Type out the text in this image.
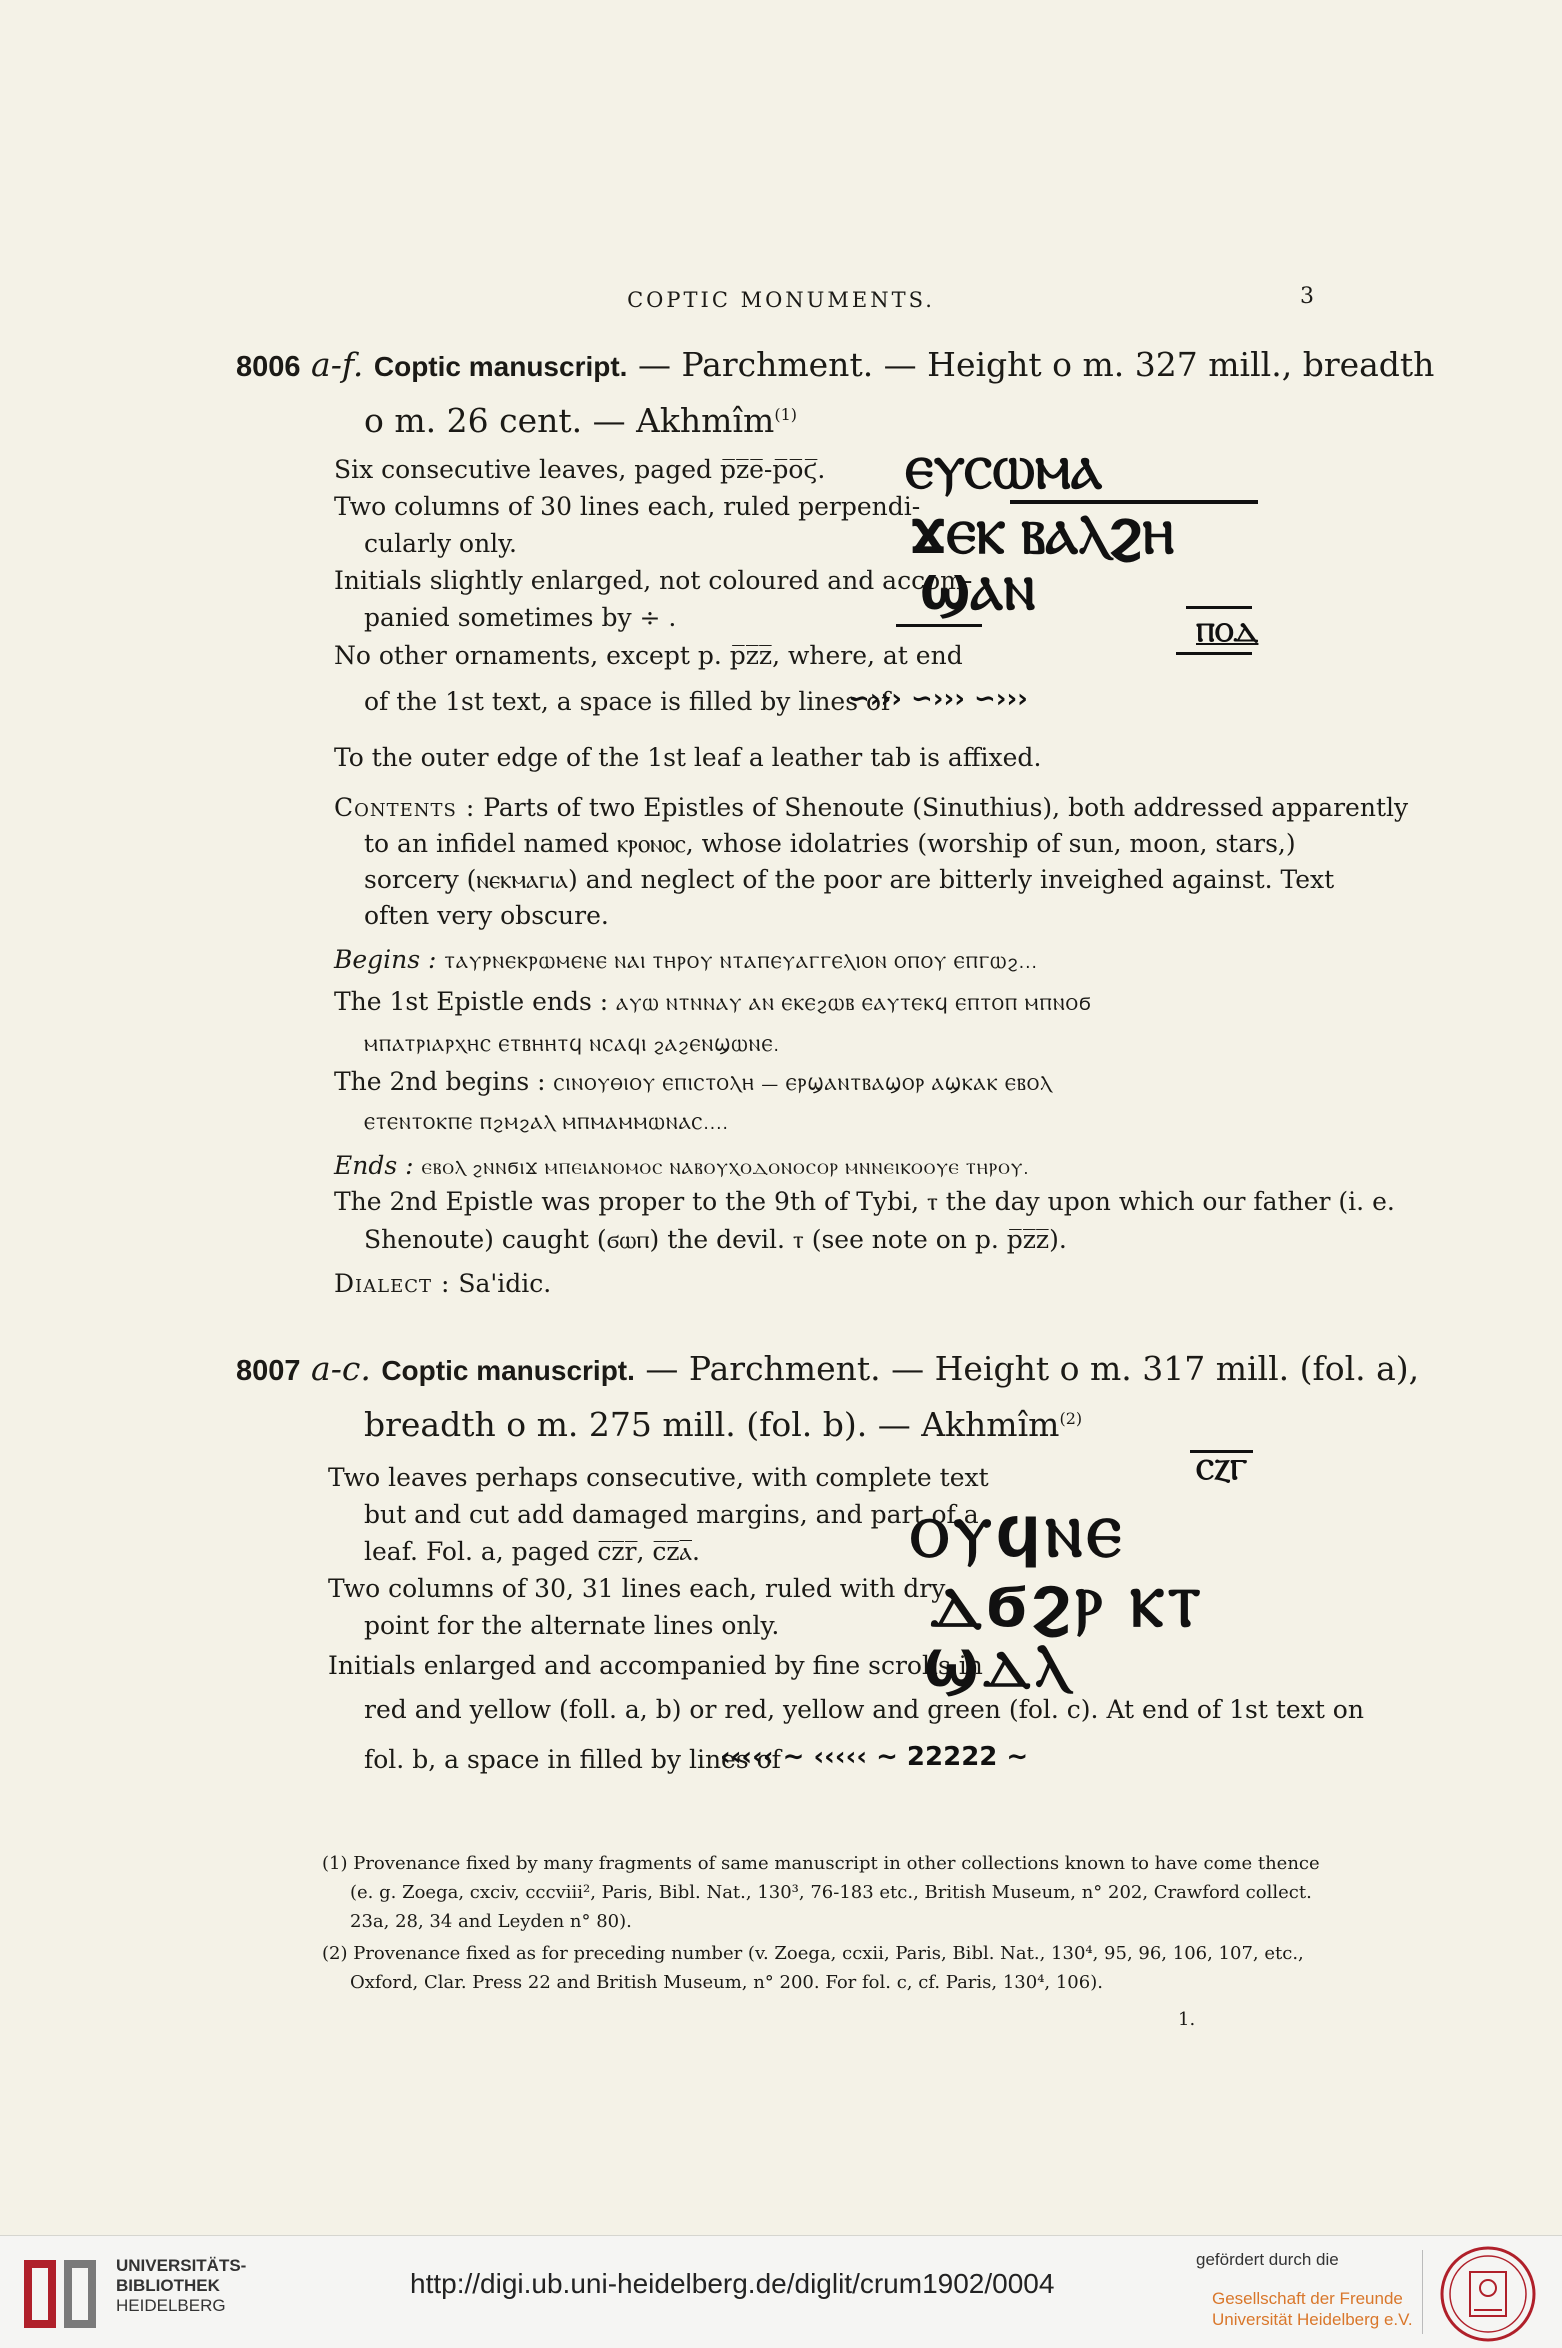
COPTIC MONUMENTS.	3
8006 a-f. Coptic manuscript. — Parchment. — Height o m. 327 mill., breadth
o m. 26 cent. — Akhmîm$^{(1)}$
Six consecutive leaves, paged p̅z̅e̅-p̅o̅ϛ̅.
Two columns of 30 lines each, ruled perpendi-
cularly only.
Initials slightly enlarged, not coloured and accom-
panied sometimes by ÷ .
No other ornaments, except p. p̅z̅z̅, where, at end
of the 1st text, a space is filled by lines of
∽››› ∽››› ∽›››
To the outer edge of the 1st leaf a leather tab is affixed.
ⲈⲨⲤⲰⲘⲀ
ϪⲈⲔ ⲂⲀⲖϨⲎ
ϢⲀⲚ
ⲠⲞⲆ
Contents : Parts of two Epistles of Shenoute (Sinuthius), both addressed apparently
to an infidel named ⲕⲣⲟⲛⲟⲥ, whose idolatries (worship of sun, moon, stars,)
sorcery (ⲛⲉⲕⲙⲁⲅⲓⲁ) and neglect of the poor are bitterly inveighed against. Text
often very obscure.
Begins : ⲦⲀⲨⲢⲚⲈⲔⲢⲰⲘⲈⲚⲈ ⲚⲀⲒ ⲦⲎⲢⲞⲨ ⲚⲦⲀⲠⲈⲨⲀⲄⲄⲈⲖⲒⲞⲚ ⲞⲠⲞⲨ ⲈⲠⲄⲰϩ...
The 1st Epistle ends : ⲀⲨⲰ ⲚⲦⲚⲚⲀⲨ ⲀⲚ ⲈⲔⲈϩⲰⲂ ⲈⲀⲨⲦⲈⲔϤ ⲈⲠⲦⲞⲠ ⲘⲠⲚⲞϬ
ⲘⲠⲀⲦⲢⲒⲀⲢⲬⲎⲤ ⲈⲦⲂⲎⲎⲦϤ ⲚⲤⲀϤⲒ ϩⲀϩⲈⲚϢⲰⲚⲈ.
The 2nd begins : ⲤⲒⲚⲞⲨⲐⲒⲞⲨ ⲈⲠⲒⲤⲦⲞⲖⲎ — ⲈⲢϢⲀⲚⲦⲂⲀϢⲞⲢ ⲀϢⲔⲀⲔ ⲈⲂⲞⲖ
ⲈⲦⲈⲚⲦⲞⲔⲠⲈ ⲠϩⲘϩⲀⲖ ⲘⲠⲘⲀⲘⲘⲰⲚⲀⲤ....
Ends : ⲈⲂⲞⲖ ϩⲚⲚϬⲒϪ ⲘⲠⲈⲒⲀⲚⲞⲘⲞⲤ ⲚⲀⲂⲞⲨⲬⲞⲆⲞⲚⲞⲤⲞⲢ ⲘⲚⲚⲈⲒⲔⲞⲞⲨⲈ ⲦⲎⲢⲞⲨ.
The 2nd Epistle was proper to the 9th of Tybi, ⲧ the day upon which our father (i. e.
Shenoute) caught (ϭⲱⲡ) the devil. ⲧ (see note on p. p̅z̅z̅).
Dialect : Sa'idic.
8007 a-c. Coptic manuscript. — Parchment. — Height o m. 317 mill. (fol. a),
breadth o m. 275 mill. (fol. b). — Akhmîm$^{(2)}$
Two leaves perhaps consecutive, with complete text
but and cut add damaged margins, and part of a
leaf. Fol. a, paged c̅z̅r̅, c̅z̅ⲁ̅.
Two columns of 30, 31 lines each, ruled with dry
point for the alternate lines only.
Initials enlarged and accompanied by fine scrolls in
red and yellow (foll. a, b) or red, yellow and green (fol. c). At end of 1st text on
fol. b, a space in filled by lines of
‹‹‹‹‹ ∼ ‹‹‹‹‹ ∼ 22222 ∼
ⲤⲌⲄ
ⲞⲨϤⲚⲈ
ⲆϬϨⲢ ⲔⲦ
ϢⲆⲖ
(1) Provenance fixed by many fragments of same manuscript in other collections known to have come thence
(e. g. Zoega, cxciv, cccviii², Paris, Bibl. Nat., 130³, 76-183 etc., British Museum, n° 202, Crawford collect.
23a, 28, 34 and Leyden n° 80).
(2) Provenance fixed as for preceding number (v. Zoega, ccxii, Paris, Bibl. Nat., 130⁴, 95, 96, 106, 107, etc.,
Oxford, Clar. Press 22 and British Museum, n° 200. For fol. c, cf. Paris, 130⁴, 106).
1.
UNIVERSITÄTS-
BIBLIOTHEK
HEIDELBERG
http://digi.ub.uni-heidelberg.de/diglit/crum1902/0004
gefördert durch die
Gesellschaft der Freunde
Universität Heidelberg e.V.
